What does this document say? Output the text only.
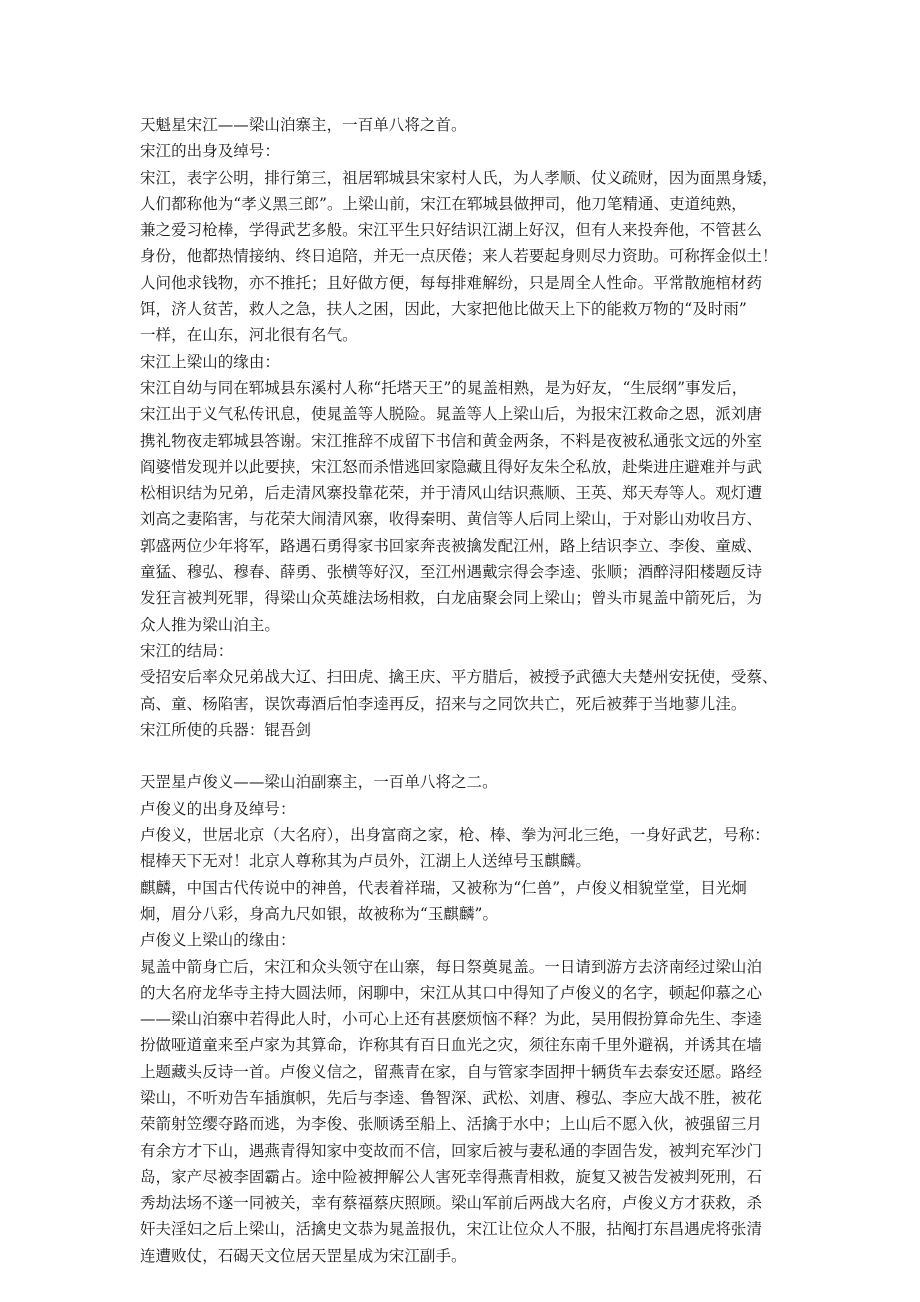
天魁星宋江——梁山泊寨主，一百单八将之首。
宋江的出身及绰号：
宋江，表字公明，排行第三，祖居郓城县宋家村人氏，为人孝顺、仗义疏财，因为面黑身矮，
人们都称他为“孝义黑三郎”。上梁山前，宋江在郓城县做押司，他刀笔精通、吏道纯熟，
兼之爱习枪棒，学得武艺多般。宋江平生只好结识江湖上好汉，但有人来投奔他，不管甚么
身份，他都热情接纳、终日追陪，并无一点厌倦；来人若要起身则尽力资助。可称挥金似土！
人问他求钱物，亦不推托；且好做方便，每每排难解纷，只是周全人性命。平常散施棺材药
饵，济人贫苦，救人之急，扶人之困，因此，大家把他比做天上下的能救万物的“及时雨”
一样，在山东，河北很有名气。
宋江上梁山的缘由：
宋江自幼与同在郓城县东溪村人称“托塔天王”的晁盖相熟，是为好友，“生辰纲”事发后，
宋江出于义气私传讯息，使晁盖等人脱险。晁盖等人上梁山后，为报宋江救命之恩，派刘唐
携礼物夜走郓城县答谢。宋江推辞不成留下书信和黄金两条，不料是夜被私通张文远的外室
阎婆惜发现并以此要挟，宋江怒而杀惜逃回家隐藏且得好友朱仝私放，赴柴进庄避难并与武
松相识结为兄弟，后走清风寨投靠花荣，并于清风山结识燕顺、王英、郑天寿等人。观灯遭
刘高之妻陷害，与花荣大闹清风寨，收得秦明、黄信等人后同上梁山，于对影山劝收吕方、
郭盛两位少年将军，路遇石勇得家书回家奔丧被擒发配江州，路上结识李立、李俊、童威、
童猛、穆弘、穆春、薛勇、张横等好汉，至江州遇戴宗得会李逵、张顺；酒醉浔阳楼题反诗
发狂言被判死罪，得梁山众英雄法场相救，白龙庙聚会同上梁山；曾头市晁盖中箭死后，为
众人推为梁山泊主。
宋江的结局：
受招安后率众兄弟战大辽、扫田虎、擒王庆、平方腊后，被授予武德大夫楚州安抚使，受蔡、
高、童、杨陷害，误饮毒酒后怕李逵再反，招来与之同饮共亡，死后被葬于当地蓼儿洼。
宋江所使的兵器：锟吾剑
天罡星卢俊义——梁山泊副寨主，一百单八将之二。
卢俊义的出身及绰号：
卢俊义，世居北京（大名府），出身富商之家，枪、棒、拳为河北三绝，一身好武艺，号称：
棍棒天下无对！北京人尊称其为卢员外，江湖上人送绰号玉麒麟。
麒麟，中国古代传说中的神兽，代表着祥瑞，又被称为“仁兽”，卢俊义相貌堂堂，目光炯
炯，眉分八彩，身高九尺如银，故被称为“玉麒麟”。
卢俊义上梁山的缘由：
晁盖中箭身亡后，宋江和众头领守在山寨，每日祭奠晁盖。一日请到游方去济南经过梁山泊
的大名府龙华寺主持大圆法师，闲聊中，宋江从其口中得知了卢俊义的名字，顿起仰慕之心
——梁山泊寨中若得此人时，小可心上还有甚麽烦恼不释？为此，吴用假扮算命先生、李逵
扮做哑道童来至卢家为其算命，诈称其有百日血光之灾，须往东南千里外避祸，并诱其在墙
上题藏头反诗一首。卢俊义信之，留燕青在家，自与管家李固押十辆货车去泰安还愿。路经
梁山，不听劝告车插旗帜，先后与李逵、鲁智深、武松、刘唐、穆弘、李应大战不胜，被花
荣箭射笠缨夺路而逃，为李俊、张顺诱至船上、活擒于水中；上山后不愿入伙，被强留三月
有余方才下山，遇燕青得知家中变故而不信，回家后被与妻私通的李固告发，被判充军沙门
岛，家产尽被李固霸占。途中险被押解公人害死幸得燕青相救，旋复又被告发被判死刑，石
秀劫法场不遂一同被关，幸有蔡福蔡庆照顾。梁山军前后两战大名府，卢俊义方才获救，杀
奸夫淫妇之后上梁山，活擒史文恭为晁盖报仇，宋江让位众人不服，拈阄打东昌遇虎将张清
连遭败仗，石碣天文位居天罡星成为宋江副手。
